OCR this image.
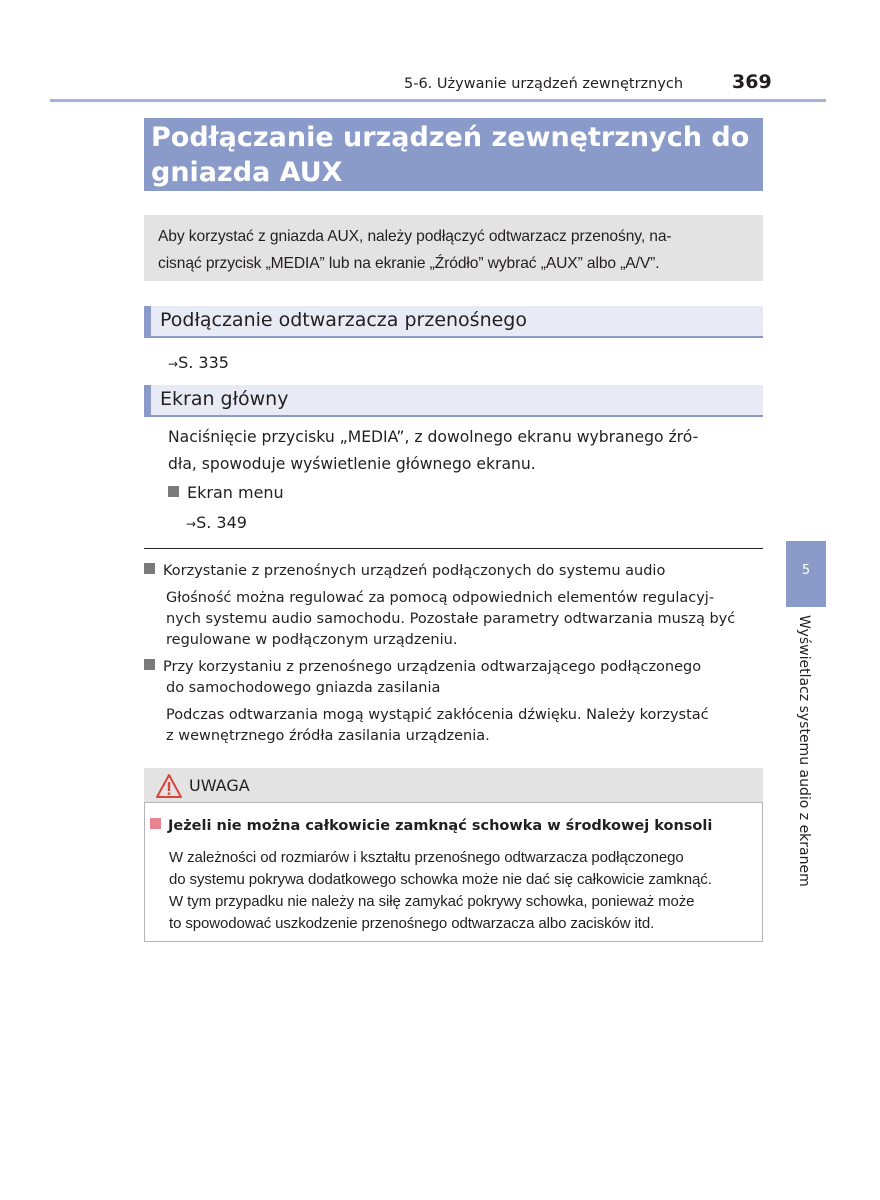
5-6. Używanie urządzeń zewnętrznych	369
Podłączanie urządzeń zewnętrznych do
gniazda AUX
Aby korzystać z gniazda AUX, należy podłączyć odtwarzacz przenośny, na-
cisnąć przycisk „MEDIA” lub na ekranie „Źródło” wybrać „AUX” albo „A/V”.
Podłączanie odtwarzacza przenośnego
→S. 335
Ekran główny
Naciśnięcie przycisku „MEDIA”, z dowolnego ekranu wybranego źró-
dła, spowoduje wyświetlenie głównego ekranu.
Ekran menu
→S. 349
Korzystanie z przenośnych urządzeń podłączonych do systemu audio
Głośność można regulować za pomocą odpowiednich elementów regulacyj-
nych systemu audio samochodu. Pozostałe parametry odtwarzania muszą być
regulowane w podłączonym urządzeniu.
Przy korzystaniu z przenośnego urządzenia odtwarzającego podłączonego
do samochodowego gniazda zasilania
Podczas odtwarzania mogą wystąpić zakłócenia dźwięku. Należy korzystać
z wewnętrznego źródła zasilania urządzenia.
UWAGA
Jeżeli nie można całkowicie zamknąć schowka w środkowej konsoli
W zależności od rozmiarów i kształtu przenośnego odtwarzacza podłączonego
do systemu pokrywa dodatkowego schowka może nie dać się całkowicie zamknąć.
W tym przypadku nie należy na siłę zamykać pokrywy schowka, ponieważ może
to spowodować uszkodzenie przenośnego odtwarzacza albo zacisków itd.
5
Wyświetlacz systemu audio z ekranem
